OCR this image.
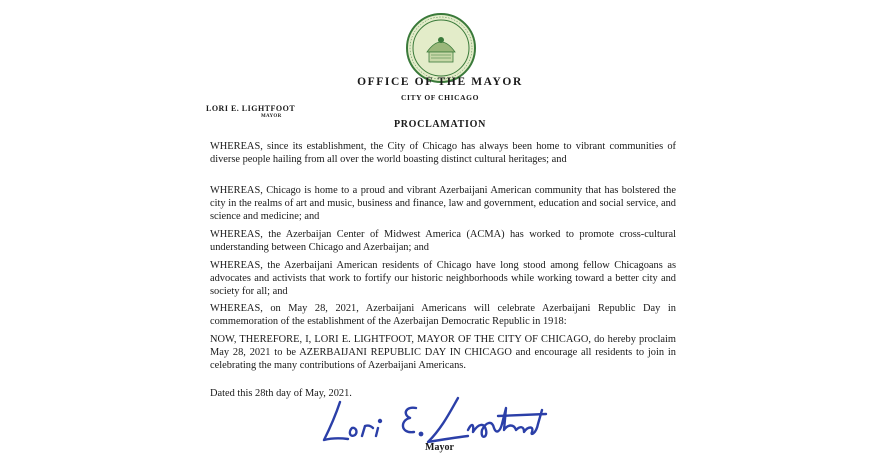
OFFICE OF THE MAYOR
CITY OF CHICAGO
LORI E. LIGHTFOOT
MAYOR
PROCLAMATION

WHEREAS, since its establishment, the City of Chicago has always been home to vibrant communities of diverse people hailing from all over the world boasting distinct cultural heritages; and

WHEREAS, Chicago is home to a proud and vibrant Azerbaijani American community that has bolstered the city in the realms of art and music, business and finance, law and government, education and social service, and science and medicine; and

WHEREAS, the Azerbaijan Center of Midwest America (ACMA) has worked to promote cross-cultural understanding between Chicago and Azerbaijan; and

WHEREAS, the Azerbaijani American residents of Chicago have long stood among fellow Chicagoans as advocates and activists that work to fortify our historic neighborhoods while working toward a better city and society for all; and

WHEREAS, on May 28, 2021, Azerbaijani Americans will celebrate Azerbaijani Republic Day in commemoration of the establishment of the Azerbaijan Democratic Republic in 1918:

NOW, THEREFORE, I, LORI E. LIGHTFOOT, MAYOR OF THE CITY OF CHICAGO, do hereby proclaim May 28, 2021 to be AZERBAIJANI REPUBLIC DAY IN CHICAGO and encourage all residents to join in celebrating the many contributions of Azerbaijani Americans.

Dated this 28th day of May, 2021.
Mayor
